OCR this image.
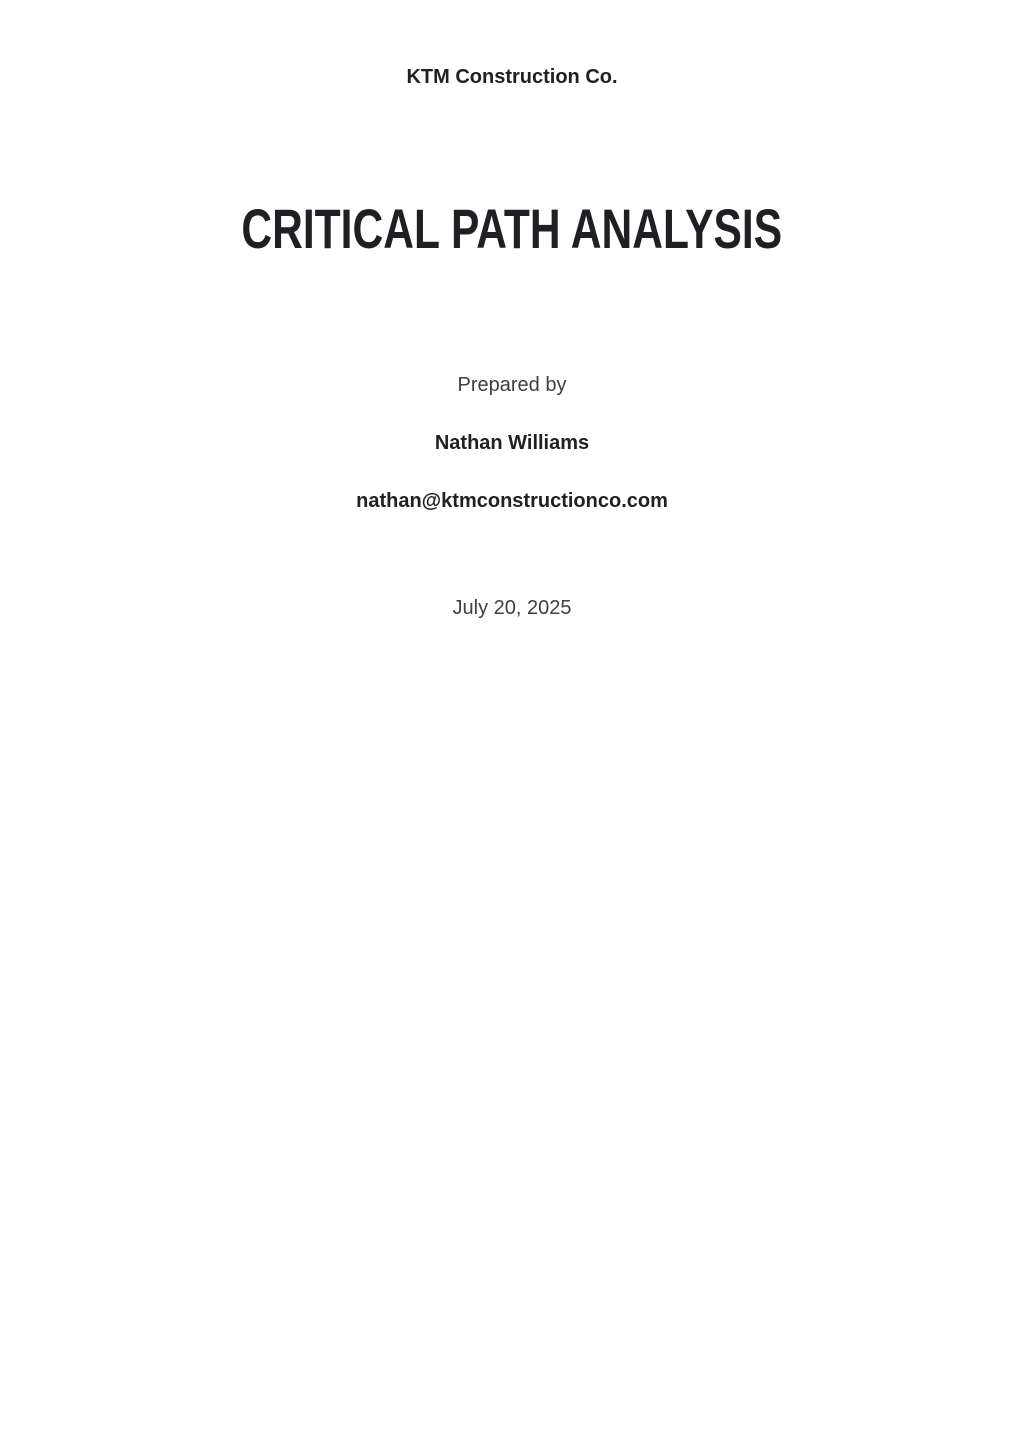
KTM Construction Co.
CRITICAL PATH ANALYSIS
Prepared by
Nathan Williams
nathan@ktmconstructionco.com
July 20, 2025
